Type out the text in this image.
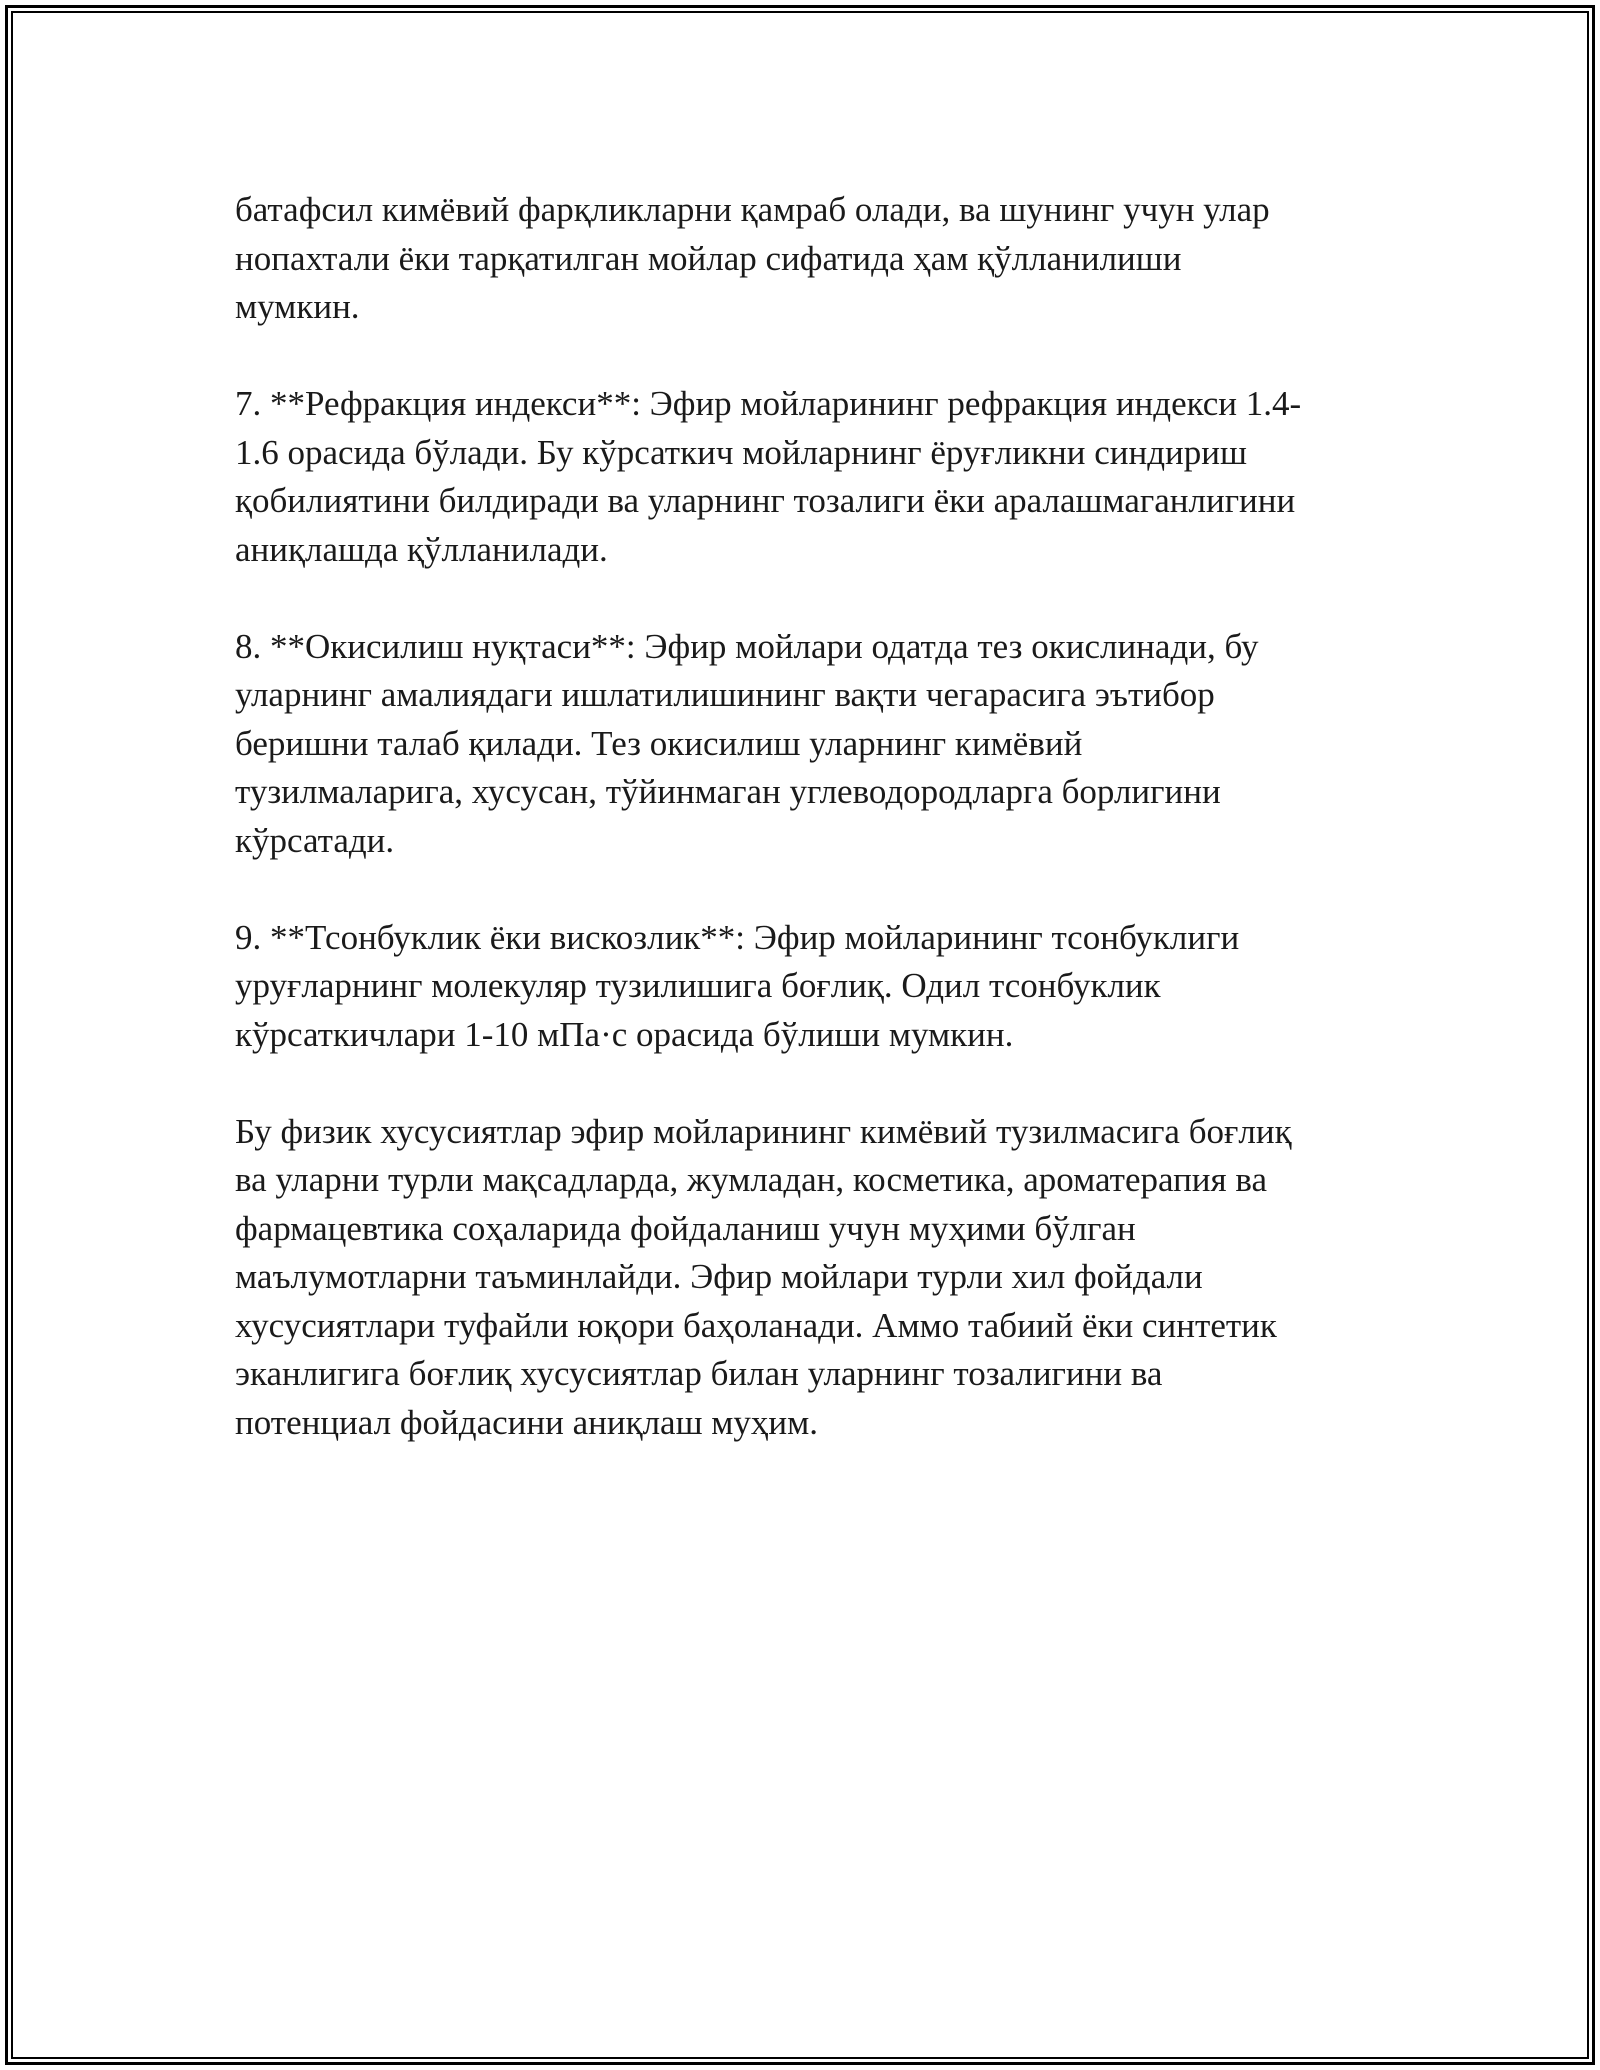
батафсил кимёвий фарқликларни қамраб олади, ва шунинг учун улар
нопахтали ёки тарқатилган мойлар сифатида ҳам қўлланилиши
мумкин.

7. **Рефракция индекси**: Эфир мойларининг рефракция индекси 1.4-
1.6 орасида бўлади. Бу кўрсаткич мойларнинг ёруғликни синдириш
қобилиятини билдиради ва уларнинг тозалиги ёки аралашмаганлигини
аниқлашда қўлланилади.

8. **Окисилиш нуқтаси**: Эфир мойлари одатда тез окислинади, бу
уларнинг амалиядаги ишлатилишининг вақти чегарасига эътибор
беришни талаб қилади. Тез окисилиш уларнинг кимёвий
тузилмаларига, хусусан, тўйинмаган углеводородларга борлигини
кўрсатади.

9. **Тсонбуклик ёки вискозлик**: Эфир мойларининг тсонбуклиги
уруғларнинг молекуляр тузилишига боғлиқ. Одил тсонбуклик
кўрсаткичлари 1-10 мПа·с орасида бўлиши мумкин.

Бу физик хусусиятлар эфир мойларининг кимёвий тузилмасига боғлиқ
ва уларни турли мақсадларда, жумладан, косметика, ароматерапия ва
фармацевтика соҳаларида фойдаланиш учун муҳими бўлган
маълумотларни таъминлайди. Эфир мойлари турли хил фойдали
хусусиятлари туфайли юқори баҳоланади. Аммо табиий ёки синтетик
эканлигига боғлиқ хусусиятлар билан уларнинг тозалигини ва
потенциал фойдасини аниқлаш муҳим.
